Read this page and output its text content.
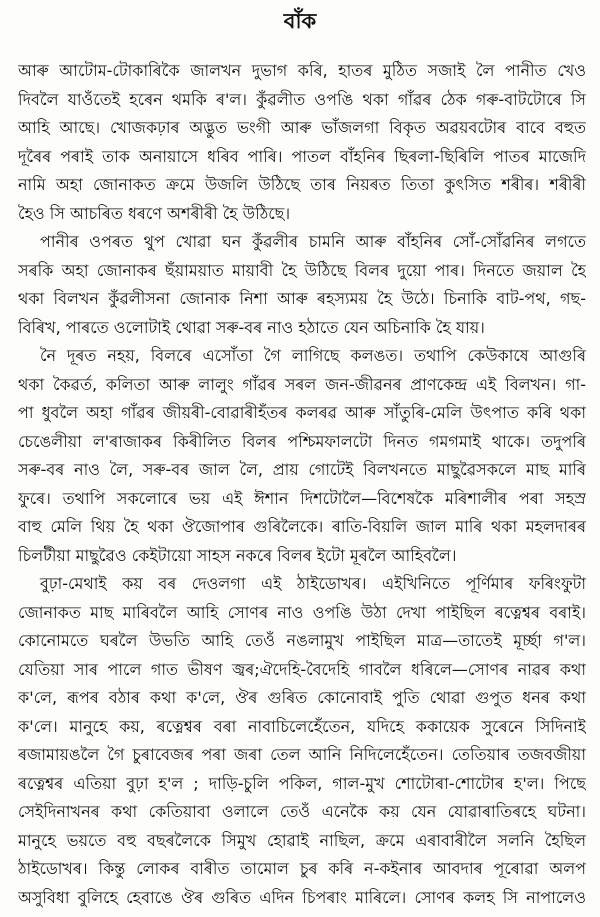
বাঁক
আৰু আটোম-টোকাৰিকৈ জালখন দুভাগ কৰি, হাতৰ মুঠিত সজাই লৈ পানীত খেও
দিবলৈ যাওঁতেই হৰেন থমকি ৰ'ল। কুঁৱলীত ওপঙি থকা গাঁৱৰ ঠেক গৰু-বাটটোৰে সি
আহি আছে। খোজকঢ়াৰ অদ্ভুত ভংগী আৰু ভাঁজলগা বিকৃত অৱয়বটোৰ বাবে বহুত
দূৰৈৰ পৰাই তাক অনায়াসে ধৰিব পাৰি। পাতল বাঁহনিৰ ছিৰলা-ছিৰিলি পাতৰ মাজেদি
নামি অহা জোনাকত ক্ৰমে উজলি উঠিছে তাৰ নিয়ৰত তিতা কুৎসিত শৰীৰ। শৰীৰী
হৈও সি আচৰিত ধৰণে অশৰীৰী হৈ উঠিছে।
পানীৰ ওপৰত থুপ খোৱা ঘন কুঁৱলীৰ চামনি আৰু বাঁহনিৰ সোঁ-সোঁৱনিৰ লগতে
সৰকি অহা জোনাকৰ ছঁয়াময়াত মায়াবী হৈ উঠিছে বিলৰ দুয়ো পাৰ। দিনতে জয়াল হৈ
থকা বিলখন কুঁৱলীসনা জোনাক নিশা আৰু ৰহস্যময় হৈ উঠে। চিনাকি বাট-পথ, গছ-
বিৰিখ, পাৰতে ওলোটাই থোৱা সৰু-বৰ নাও হঠাতে যেন অচিনাকি হৈ যায়।
নৈ দূৰত নহয়, বিলৰে এসোঁতা গৈ লাগিছে কলঙত। তথাপি কেউকাষে আগুৰি
থকা কৈৱৰ্ত, কলিতা আৰু লালুং গাঁৱৰ সৰল জন-জীৱনৰ প্ৰাণকেন্দ্ৰ এই বিলখন। গা-
পা ধুবলৈ অহা গাঁৱৰ জীয়ৰী-বোৱাৰীহঁতৰ কলৰৱ আৰু সাঁতুৰি-মেলি উৎপাত কৰি থকা
চেঙেলীয়া ল'ৰাজাকৰ কিৰীলিত বিলৰ পশ্চিমফালটো দিনত গমগমাই থাকে। তদুপৰি
সৰু-বৰ নাও লৈ, সৰু-বৰ জাল লৈ, প্ৰায় গোটেই বিলখনতে মাছুৱৈসকলে মাছ মাৰি
ফুৰে। তথাপি সকলোৰে ভয় এই ঈশান দিশটোলৈ—বিশেষকৈ মৰিশালীৰ পৰা সহস্ৰ
বাহু মেলি থিয় হৈ থকা ঔজোপাৰ গুৰিলৈকে। ৰাতি-বিয়লি জাল মাৰি থকা মহলদাৰৰ
চিলটীয়া মাছুৱৈও কেইটায়ো সাহস নকৰে বিলৰ ইটো মূৰলৈ আহিবলৈ।
বুঢ়া-মেথাই কয় বৰ দেওলগা এই ঠাইডোখৰ। এইখিনিতে পূৰ্ণিমাৰ ফৰিংফুটা
জোনাকত মাছ মাৰিবলৈ আহি সোণৰ নাও ওপঙি উঠা দেখা পাইছিল ৰত্নেশ্বৰ বৰাই।
কোনোমতে ঘৰলৈ উভতি আহি তেওঁ নঙলামুখ পাইছিল মাত্ৰ—তাতেই মূৰ্চ্ছা গ'ল।
যেতিয়া সাৰ পালে গাত ভীষণ জ্বৰ;ঐদেহি-বৈদেহি গাবলৈ ধৰিলে—সোণৰ নাৱৰ কথা
ক'লে, ৰূপৰ বঠাৰ কথা ক'লে, ঔৰ গুৰিত কোনোবাই পুতি থোৱা গুপুত ধনৰ কথা
ক'লে। মানুহে কয়, ৰত্নেশ্বৰ বৰা নাবাচিলেহেঁতেন, যদিহে ককায়েক সুৰেনে সিদিনাই
ৰজামায়ঙলৈ গৈ চুৰাবেজৰ পৰা জৰা তেল আনি নিদিলেহেঁতেন। তেতিয়াৰ তজবজীয়া
ৰত্নেশ্বৰ এতিয়া বুঢ়া হ'ল ; দাড়ি-চুলি পকিল, গাল-মুখ শোটোৰা-শোটোৰ হ'ল। পিছে
সেইদিনাখনৰ কথা কেতিয়াবা ওলালে তেওঁ এনেকৈ কয় যেন যোৱাৰাতিৰহে ঘটনা।
মানুহে ভয়তে বহু বছৰলৈকে সিমুখ হোৱাই নাছিল, ক্ৰমে এৰাবাৰীলৈ সলনি হৈছিল
ঠাইডোখৰ। কিন্তু লোকৰ বাৰীত তামোল চুৰ কৰি ন-কইনাৰ আবদাৰ পূৰোৱা অলপ
অসুবিধা বুলিহে হেবাঙে ঔৰ গুৰিত এদিন চিপৰাং মাৰিলে। সোণৰ কলহ সি নাপালেও
